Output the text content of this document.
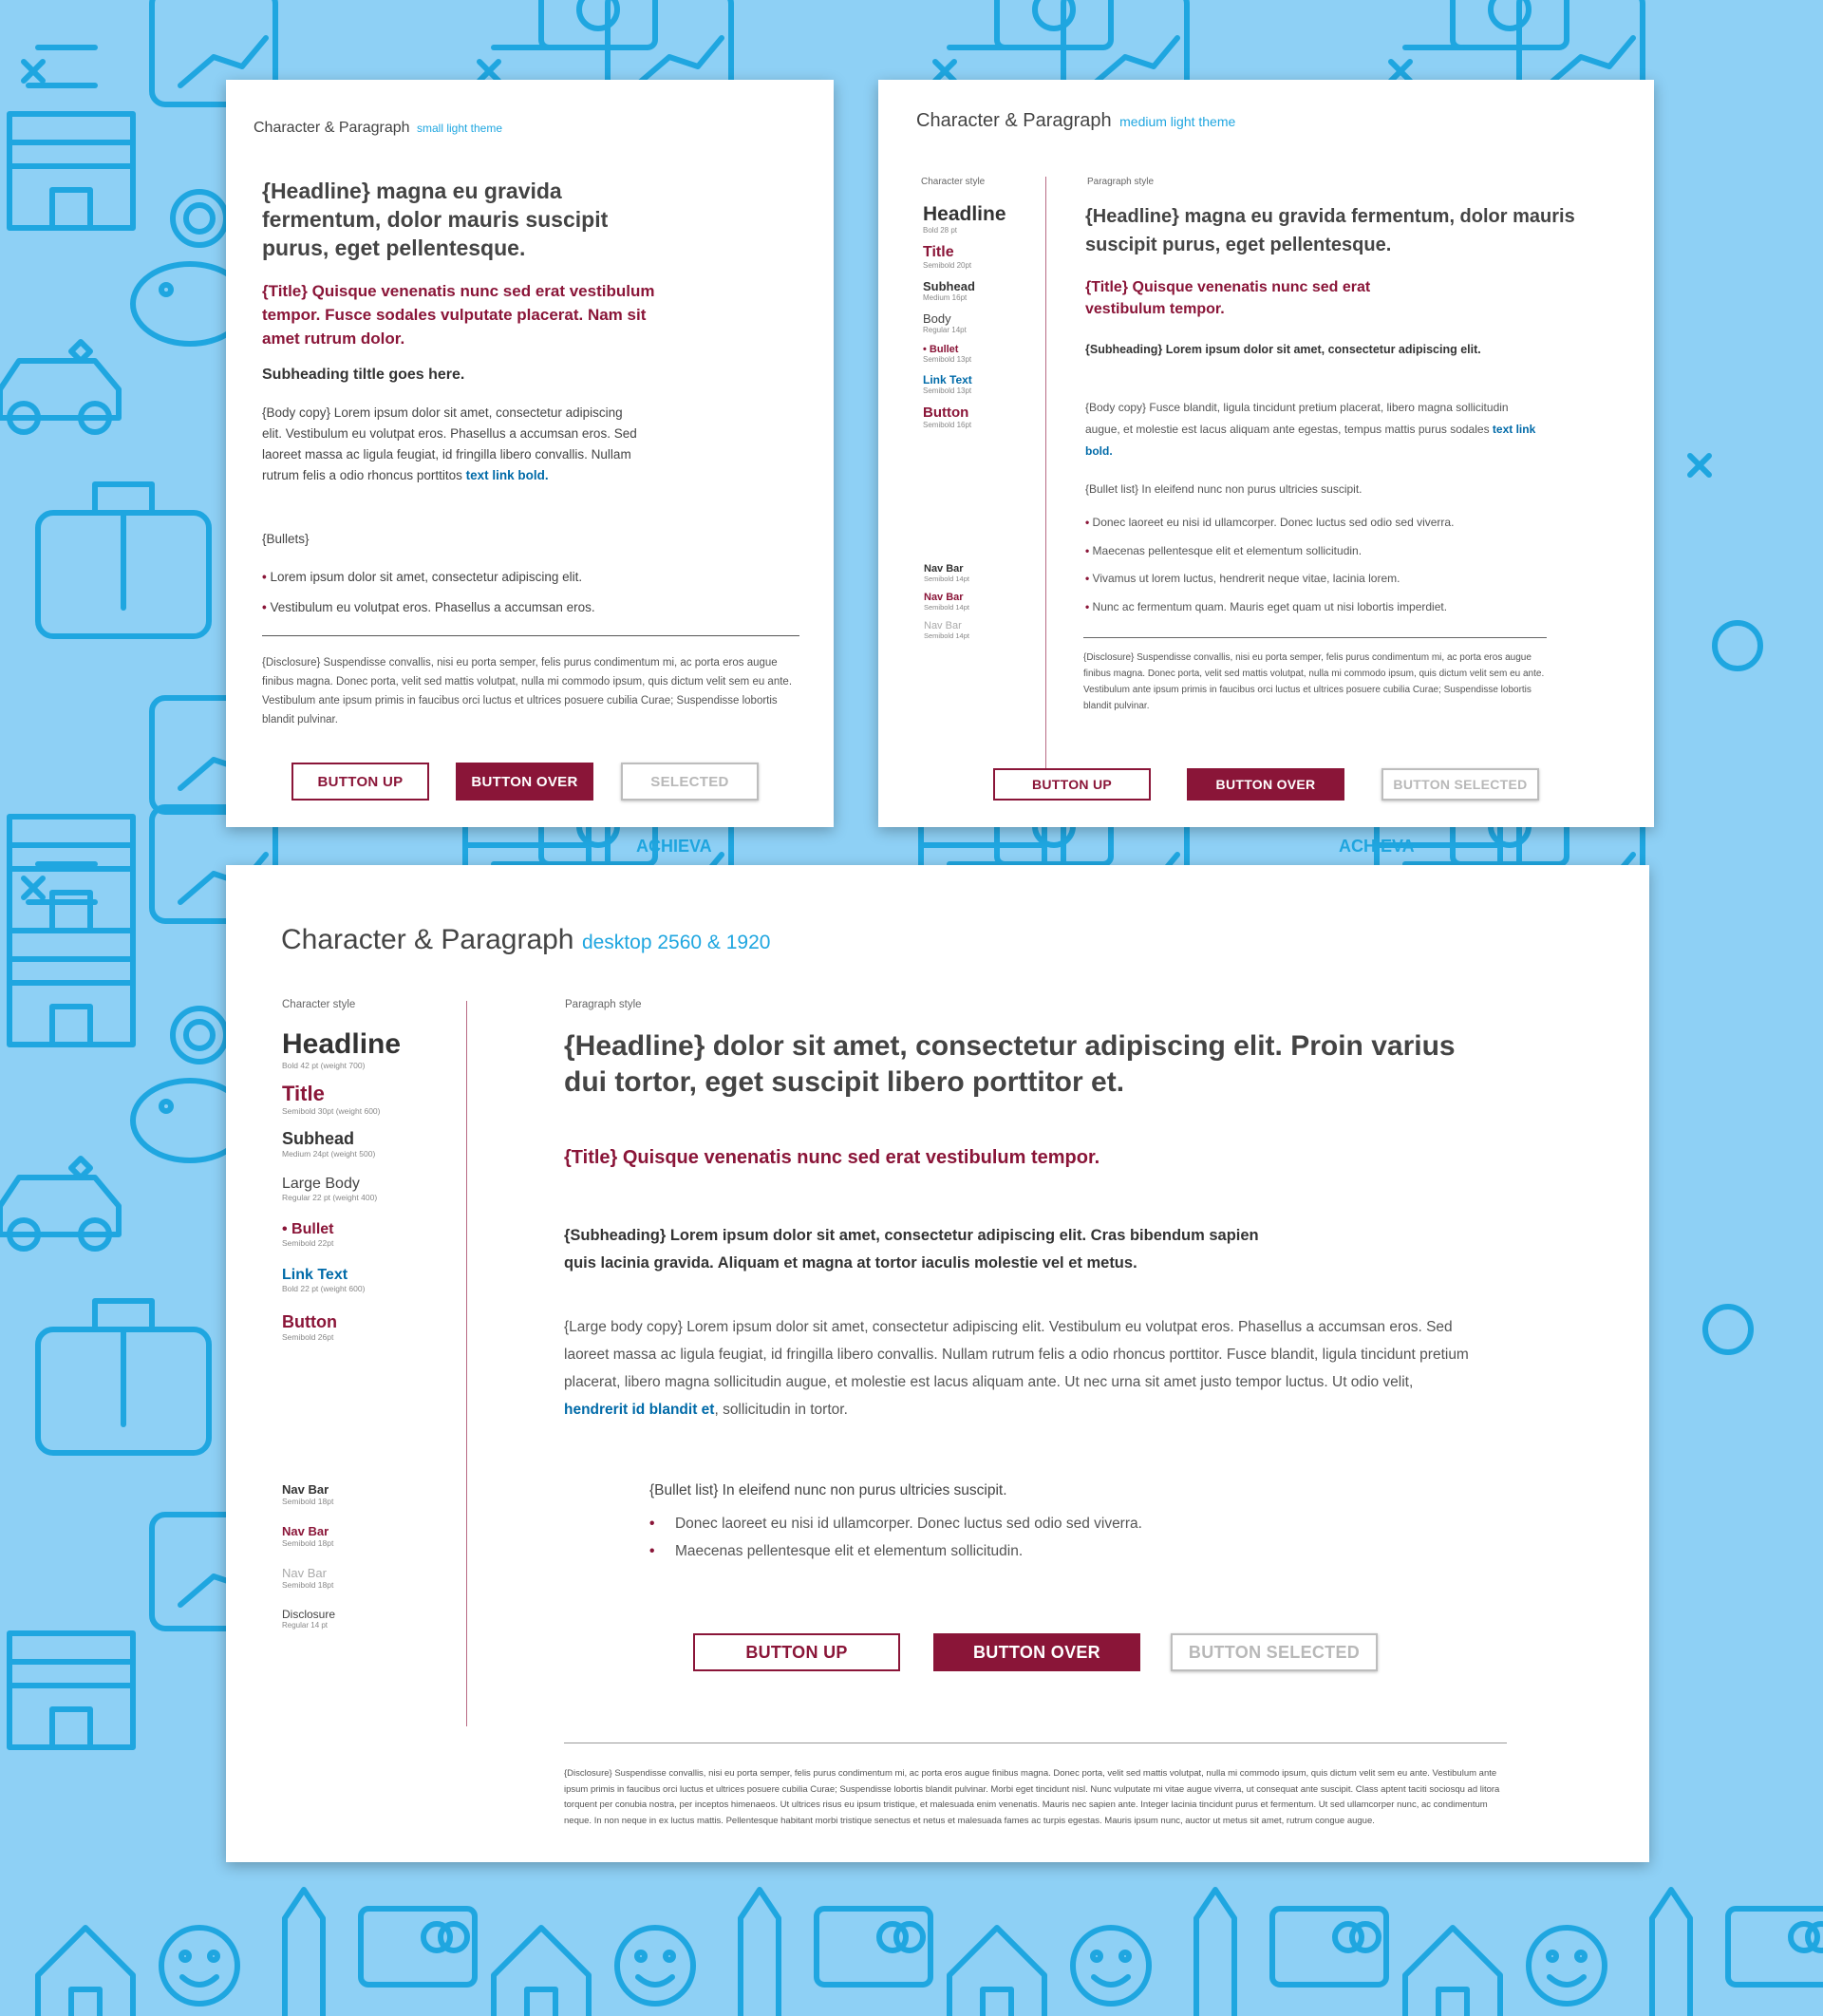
ACHIEVA	ACHIEVA
Character & Paragraph small light theme
{Headline} magna eu gravida fermentum, dolor mauris suscipit purus, eget pellentesque.
{Title} Quisque venenatis nunc sed erat vestibulum tempor. Fusce sodales vulputate placerat. Nam sit amet rutrum dolor.
Subheading tiltle goes here.
{Body copy} Lorem ipsum dolor sit amet, consectetur adipiscing elit. Vestibulum eu volutpat eros. Phasellus a accumsan eros. Sed laoreet massa ac ligula feugiat, id fringilla libero convallis. Nullam rutrum felis a odio rhoncus porttitos text link bold.
{Bullets}
• Lorem ipsum dolor sit amet, consectetur adipiscing elit.
• Vestibulum eu volutpat eros. Phasellus a accumsan eros.
{Disclosure} Suspendisse convallis, nisi eu porta semper, felis purus condimentum mi, ac porta eros augue finibus magna. Donec porta, velit sed mattis volutpat, nulla mi commodo ipsum, quis dictum velit sem eu ante. Vestibulum ante ipsum primis in faucibus orci luctus et ultrices posuere cubilia Curae; Suspendisse lobortis blandit pulvinar.
BUTTON UP	BUTTON OVER	SELECTED
Character & Paragraph medium light theme
Character style	Paragraph style
Headline
Bold 28 pt
Title
Semibold 20pt
Subhead
Medium 16pt
Body
Regular 14pt
• Bullet
Semibold 13pt
Link Text
Semibold 13pt
Button
Semibold 16pt
Nav Bar
Semibold 14pt
Nav Bar
Semibold 14pt
Nav Bar
Semibold 14pt
{Headline} magna eu gravida fermentum, dolor mauris suscipit purus, eget pellentesque.
{Title} Quisque venenatis nunc sed erat vestibulum tempor.
{Subheading} Lorem ipsum dolor sit amet, consectetur adipiscing elit.
{Body copy} Fusce blandit, ligula tincidunt pretium placerat, libero magna sollicitudin augue, et molestie est lacus aliquam ante egestas, tempus mattis purus sodales text link bold.
{Bullet list} In eleifend nunc non purus ultricies suscipit.
• Donec laoreet eu nisi id ullamcorper. Donec luctus sed odio sed viverra.
• Maecenas pellentesque elit et elementum sollicitudin.
• Vivamus ut lorem luctus, hendrerit neque vitae, lacinia lorem.
• Nunc ac fermentum quam. Mauris eget quam ut nisi lobortis imperdiet.
{Disclosure} Suspendisse convallis, nisi eu porta semper, felis purus condimentum mi, ac porta eros augue finibus magna. Donec porta, velit sed mattis volutpat, nulla mi commodo ipsum, quis dictum velit sem eu ante. Vestibulum ante ipsum primis in faucibus orci luctus et ultrices posuere cubilia Curae; Suspendisse lobortis blandit pulvinar.
BUTTON UP	BUTTON OVER	BUTTON SELECTED
Character & Paragraph desktop 2560 & 1920
Character style	Paragraph style
Headline
Bold 42 pt (weight 700)
Title
Semibold 30pt (weight 600)
Subhead
Medium 24pt (weight 500)
Large Body
Regular 22 pt (weight 400)
• Bullet
Semibold 22pt
Link Text
Bold 22 pt (weight 600)
Button
Semibold 26pt
Nav Bar
Semibold 18pt
Nav Bar
Semibold 18pt
Nav Bar
Semibold 18pt
Disclosure
Regular 14 pt
{Headline} dolor sit amet, consectetur adipiscing elit. Proin varius dui tortor, eget suscipit libero porttitor et.
{Title} Quisque venenatis nunc sed erat vestibulum tempor.
{Subheading} Lorem ipsum dolor sit amet, consectetur adipiscing elit. Cras bibendum sapien quis lacinia gravida. Aliquam et magna at tortor iaculis molestie vel et metus.
{Large body copy} Lorem ipsum dolor sit amet, consectetur adipiscing elit. Vestibulum eu volutpat eros. Phasellus a accumsan eros. Sed laoreet massa ac ligula feugiat, id fringilla libero convallis. Nullam rutrum felis a odio rhoncus porttitor. Fusce blandit, ligula tincidunt pretium placerat, libero magna sollicitudin augue, et molestie est lacus aliquam ante. Ut nec urna sit amet justo tempor luctus. Ut odio velit, hendrerit id blandit et, sollicitudin in tortor.
{Bullet list} In eleifend nunc non purus ultricies suscipit.
• Donec laoreet eu nisi id ullamcorper. Donec luctus sed odio sed viverra.
• Maecenas pellentesque elit et elementum sollicitudin.
BUTTON UP	BUTTON OVER	BUTTON SELECTED
{Disclosure} Suspendisse convallis, nisi eu porta semper, felis purus condimentum mi, ac porta eros augue finibus magna. Donec porta, velit sed mattis volutpat, nulla mi commodo ipsum, quis dictum velit sem eu ante. Vestibulum ante ipsum primis in faucibus orci luctus et ultrices posuere cubilia Curae; Suspendisse lobortis blandit pulvinar. Morbi eget tincidunt nisl. Nunc vulputate mi vitae augue viverra, ut consequat ante suscipit. Class aptent taciti sociosqu ad litora torquent per conubia nostra, per inceptos himenaeos. Ut ultrices risus eu ipsum tristique, et malesuada enim venenatis. Mauris nec sapien ante. Integer lacinia tincidunt purus et fermentum. Ut sed ullamcorper nunc, ac condimentum neque. In non neque in ex luctus mattis. Pellentesque habitant morbi tristique senectus et netus et malesuada fames ac turpis egestas. Mauris ipsum nunc, auctor ut metus sit amet, rutrum congue augue.
